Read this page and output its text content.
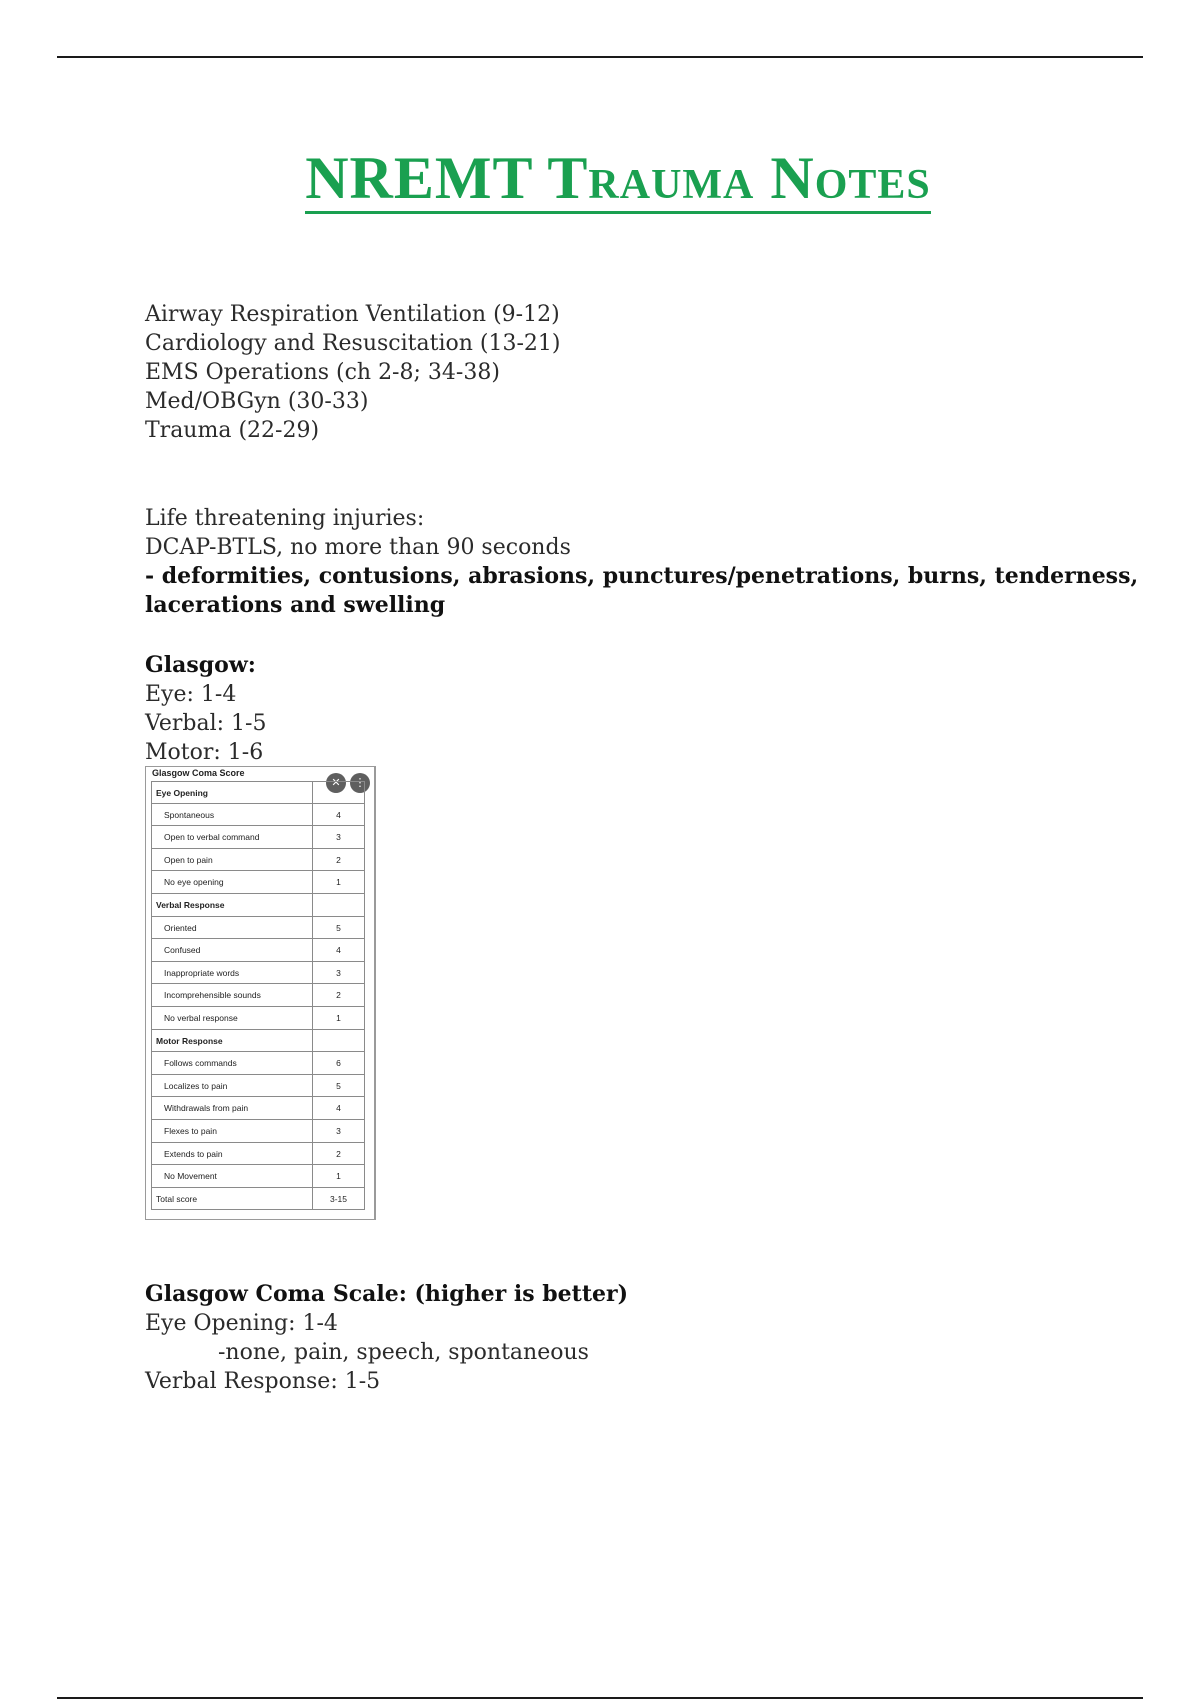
NREMT Trauma Notes
Airway Respiration Ventilation (9-12)
Cardiology and Resuscitation (13-21)
EMS Operations (ch 2-8; 34-38)
Med/OBGyn (30-33)
Trauma (22-29)
Life threatening injuries:
DCAP-BTLS, no more than 90 seconds
- deformities, contusions, abrasions, punctures/penetrations, burns, tenderness,
lacerations and swelling
Glasgow:
Eye: 1-4
Verbal: 1-5
Motor: 1-6
Glasgow Coma Score
✕	⋮
Eye Opening
Spontaneous	4
Open to verbal command	3
Open to pain	2
No eye opening	1
Verbal Response
Oriented	5
Confused	4
Inappropriate words	3
Incomprehensible sounds	2
No verbal response	1
Motor Response
Follows commands	6
Localizes to pain	5
Withdrawals from pain	4
Flexes to pain	3
Extends to pain	2
No Movement	1
Total score	3-15
Glasgow Coma Scale: (higher is better)
Eye Opening: 1-4
-none, pain, speech, spontaneous
Verbal Response: 1-5
